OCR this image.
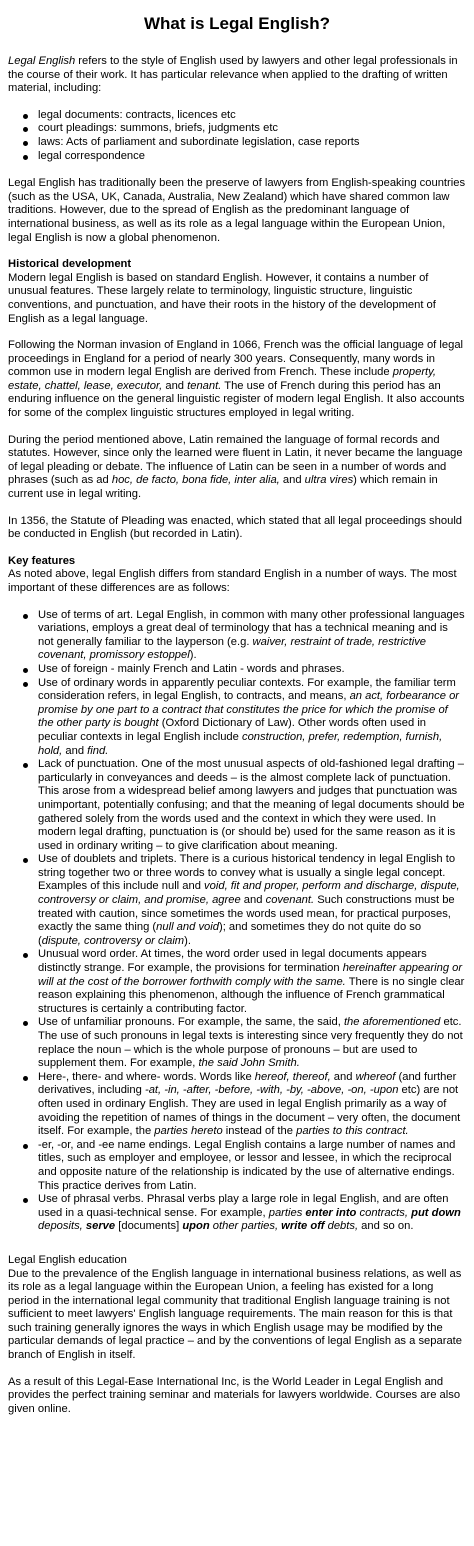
What is Legal English?

Legal English refers to the style of English used by lawyers and other legal professionals in the course of their work. It has particular relevance when applied to the drafting of written material, including:

legal documents: contracts, licences etc
court pleadings: summons, briefs, judgments etc
laws: Acts of parliament and subordinate legislation, case reports
legal correspondence

Legal English has traditionally been the preserve of lawyers from English-speaking countries (such as the USA, UK, Canada, Australia, New Zealand) which have shared common law traditions. However, due to the spread of English as the predominant language of international business, as well as its role as a legal language within the European Union, legal English is now a global phenomenon.

Historical development
Modern legal English is based on standard English. However, it contains a number of unusual features. These largely relate to terminology, linguistic structure, linguistic conventions, and punctuation, and have their roots in the history of the development of English as a legal language.

Following the Norman invasion of England in 1066, French was the official language of legal proceedings in England for a period of nearly 300 years. Consequently, many words in common use in modern legal English are derived from French. These include property, estate, chattel, lease, executor, and tenant. The use of French during this period has an enduring influence on the general linguistic register of modern legal English. It also accounts for some of the complex linguistic structures employed in legal writing.

During the period mentioned above, Latin remained the language of formal records and statutes. However, since only the learned were fluent in Latin, it never became the language of legal pleading or debate. The influence of Latin can be seen in a number of words and phrases (such as ad hoc, de facto, bona fide, inter alia, and ultra vires) which remain in current use in legal writing.

In 1356, the Statute of Pleading was enacted, which stated that all legal proceedings should be conducted in English (but recorded in Latin).

Key features
As noted above, legal English differs from standard English in a number of ways. The most important of these differences are as follows:

Use of terms of art. Legal English, in common with many other professional languages variations, employs a great deal of terminology that has a technical meaning and is not generally familiar to the layperson (e.g. waiver, restraint of trade, restrictive covenant, promissory estoppel).
Use of foreign - mainly French and Latin - words and phrases.
Use of ordinary words in apparently peculiar contexts. For example, the familiar term consideration refers, in legal English, to contracts, and means, an act, forbearance or promise by one part to a contract that constitutes the price for which the promise of the other party is bought (Oxford Dictionary of Law). Other words often used in peculiar contexts in legal English include construction, prefer, redemption, furnish, hold, and find.
Lack of punctuation. One of the most unusual aspects of old-fashioned legal drafting – particularly in conveyances and deeds – is the almost complete lack of punctuation. This arose from a widespread belief among lawyers and judges that punctuation was unimportant, potentially confusing; and that the meaning of legal documents should be gathered solely from the words used and the context in which they were used. In modern legal drafting, punctuation is (or should be) used for the same reason as it is used in ordinary writing – to give clarification about meaning.
Use of doublets and triplets. There is a curious historical tendency in legal English to string together two or three words to convey what is usually a single legal concept. Examples of this include null and void, fit and proper, perform and discharge, dispute, controversy or claim, and promise, agree and covenant. Such constructions must be treated with caution, since sometimes the words used mean, for practical purposes, exactly the same thing (null and void); and sometimes they do not quite do so (dispute, controversy or claim).
Unusual word order. At times, the word order used in legal documents appears distinctly strange. For example, the provisions for termination hereinafter appearing or will at the cost of the borrower forthwith comply with the same. There is no single clear reason explaining this phenomenon, although the influence of French grammatical structures is certainly a contributing factor.
Use of unfamiliar pronouns. For example, the same, the said, the aforementioned etc. The use of such pronouns in legal texts is interesting since very frequently they do not replace the noun – which is the whole purpose of pronouns – but are used to supplement them. For example, the said John Smith.
Here-, there- and where- words. Words like hereof, thereof, and whereof (and further derivatives, including -at, -in, -after, -before, -with, -by, -above, -on, -upon etc) are not often used in ordinary English. They are used in legal English primarily as a way of avoiding the repetition of names of things in the document – very often, the document itself. For example, the parties hereto instead of the parties to this contract.
-er, -or, and -ee name endings. Legal English contains a large number of names and titles, such as employer and employee, or lessor and lessee, in which the reciprocal and opposite nature of the relationship is indicated by the use of alternative endings. This practice derives from Latin.
Use of phrasal verbs. Phrasal verbs play a large role in legal English, and are often used in a quasi-technical sense. For example, parties enter into contracts, put down deposits, serve [documents] upon other parties, write off debts, and so on.

Legal English education
Due to the prevalence of the English language in international business relations, as well as its role as a legal language within the European Union, a feeling has existed for a long period in the international legal community that traditional English language training is not sufficient to meet lawyers' English language requirements. The main reason for this is that such training generally ignores the ways in which English usage may be modified by the particular demands of legal practice – and by the conventions of legal English as a separate branch of English in itself.

As a result of this Legal-Ease International Inc, is the World Leader in Legal English and provides the perfect training seminar and materials for lawyers worldwide. Courses are also given online.
